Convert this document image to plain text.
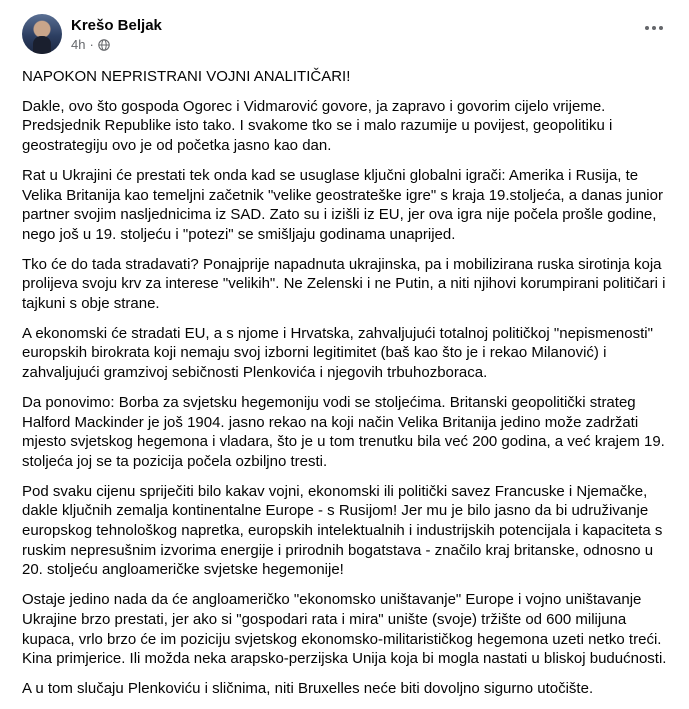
Krešo Beljak
4h ·

NAPOKON NEPRISTRANI VOJNI ANALITIČARI!

Dakle, ovo što gospoda Ogorec i Vidmarović govore, ja zapravo i govorim cijelo vrijeme. Predsjednik Republike isto tako. I svakome tko se i malo razumije u povijest, geopolitiku i geostrategiju ovo je od početka jasno kao dan.

Rat u Ukrajini će prestati tek onda kad se usuglase ključni globalni igrači: Amerika i Rusija, te Velika Britanija kao temeljni začetnik "velike geostrateške igre" s kraja 19.stoljeća, a danas junior partner svojim nasljednicima iz SAD. Zato su i izišli iz EU, jer ova igra nije počela prošle godine, nego još u 19. stoljeću i "potezi" se smišljaju godinama unaprijed.

Tko će do tada stradavati? Ponajprije napadnuta ukrajinska, pa i mobilizirana ruska sirotinja koja prolijeva svoju krv za interese "velikih". Ne Zelenski i ne Putin, a niti njihovi korumpirani političari i tajkuni s obje strane.

A ekonomski će stradati EU, a s njome i Hrvatska, zahvaljujući totalnoj političkoj "nepismenosti" europskih birokrata koji nemaju svoj izborni legitimitet (baš kao što je i rekao Milanović) i zahvaljujući gramzivoj sebičnosti Plenkovića i njegovih trbuhozboraca.

Da ponovimo: Borba za svjetsku hegemoniju vodi se stoljećima. Britanski geopolitički strateg Halford Mackinder je još 1904. jasno rekao na koji način Velika Britanija jedino može zadržati mjesto svjetskog hegemona i vladara, što je u tom trenutku bila već 200 godina, a već krajem 19. stoljeća joj se ta pozicija počela ozbiljno tresti.

Pod svaku cijenu spriječiti bilo kakav vojni, ekonomski ili politički savez Francuske i Njemačke, dakle ključnih zemalja kontinentalne Europe - s Rusijom! Jer mu je bilo jasno da bi udruživanje europskog tehnološkog napretka, europskih intelektualnih i industrijskih potencijala i kapaciteta s ruskim nepresušnim izvorima energije i prirodnih bogatstava - značilo kraj britanske, odnosno u 20. stoljeću angloameričke svjetske hegemonije!

Ostaje jedino nada da će angloameričko "ekonomsko uništavanje" Europe i vojno uništavanje Ukrajine brzo prestati, jer ako si "gospodari rata i mira" unište (svoje) tržište od 600 milijuna kupaca, vrlo brzo će im poziciju svjetskog ekonomsko-militarističkog hegemona uzeti netko treći. Kina primjerice. Ili možda neka arapsko-perzijska Unija koja bi mogla nastati u bliskoj budućnosti.

A u tom slučaju Plenkoviću i sličnima, niti Bruxelles neće biti dovoljno sigurno utočište.
